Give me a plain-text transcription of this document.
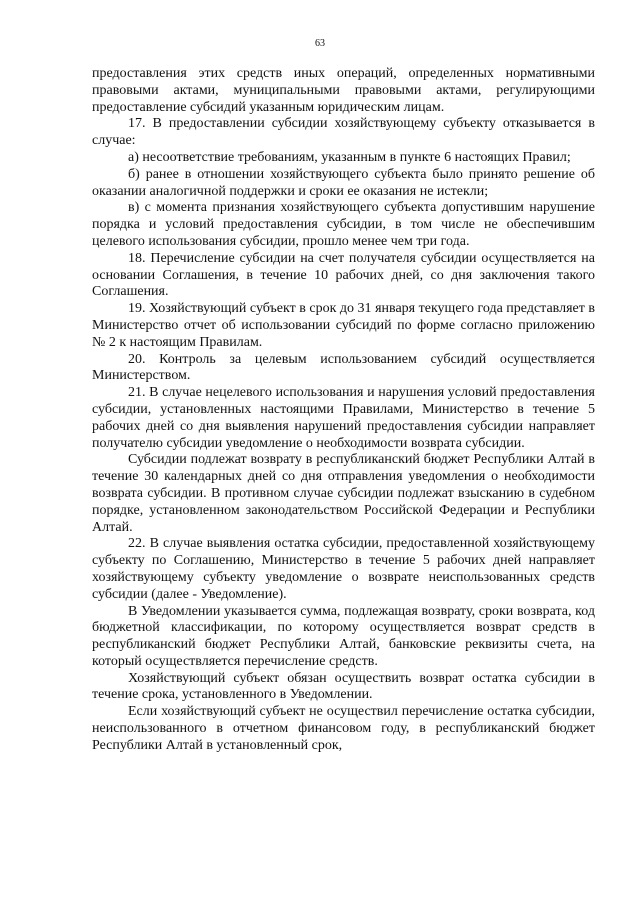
63

предоставления этих средств иных операций, определенных нормативными правовыми актами, муниципальными правовыми актами, регулирующими предоставление субсидий указанным юридическим лицам.

17. В предоставлении субсидии хозяйствующему субъекту отказывается в случае:

а) несоответствие требованиям, указанным в пункте 6 настоящих Правил;

б) ранее в отношении хозяйствующего субъекта было принято решение об оказании аналогичной поддержки и сроки ее оказания не истекли;

в) с момента признания хозяйствующего субъекта допустившим нарушение порядка и условий предоставления субсидии, в том числе не обеспечившим целевого использования субсидии, прошло менее чем три года.

18. Перечисление субсидии на счет получателя субсидии осуществляется на основании Соглашения, в течение 10 рабочих дней, со дня заключения такого Соглашения.

19. Хозяйствующий субъект в срок до 31 января текущего года представляет в Министерство отчет об использовании субсидий по форме согласно приложению № 2 к настоящим Правилам.

20. Контроль за целевым использованием субсидий осуществляется Министерством.

21. В случае нецелевого использования и нарушения условий предоставления субсидии, установленных настоящими Правилами, Министерство в течение 5 рабочих дней со дня выявления нарушений предоставления субсидии направляет получателю субсидии уведомление о необходимости возврата субсидии.

Субсидии подлежат возврату в республиканский бюджет Республики Алтай в течение 30 календарных дней со дня отправления уведомления о необходимости возврата субсидии. В противном случае субсидии подлежат взысканию в судебном порядке, установленном законодательством Российской Федерации и Республики Алтай.

22. В случае выявления остатка субсидии, предоставленной хозяйствующему субъекту по Соглашению, Министерство в течение 5 рабочих дней направляет хозяйствующему субъекту уведомление о возврате неиспользованных средств субсидии (далее - Уведомление).

В Уведомлении указывается сумма, подлежащая возврату, сроки возврата, код бюджетной классификации, по которому осуществляется возврат средств в республиканский бюджет Республики Алтай, банковские реквизиты счета, на который осуществляется перечисление средств.

Хозяйствующий субъект обязан осуществить возврат остатка субсидии в течение срока, установленного в Уведомлении.

Если хозяйствующий субъект не осуществил перечисление остатка субсидии, неиспользованного в отчетном финансовом году, в республиканский бюджет Республики Алтай в установленный срок,
